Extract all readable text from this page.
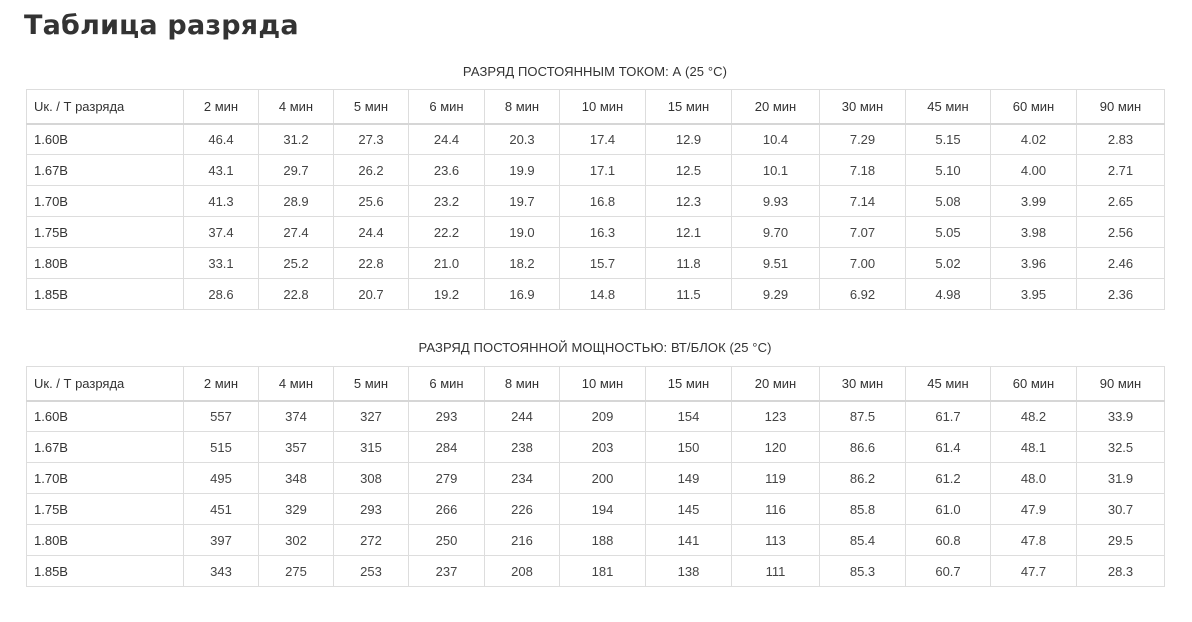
Таблица разряда
РАЗРЯД ПОСТОЯННЫМ ТОКОМ: А (25 °С)
Uк. / Т разряда	2 мин	4 мин	5 мин	6 мин	8 мин	10 мин	15 мин	20 мин	30 мин	45 мин	60 мин	90 мин
1.60В	46.4	31.2	27.3	24.4	20.3	17.4	12.9	10.4	7.29	5.15	4.02	2.83
1.67В	43.1	29.7	26.2	23.6	19.9	17.1	12.5	10.1	7.18	5.10	4.00	2.71
1.70В	41.3	28.9	25.6	23.2	19.7	16.8	12.3	9.93	7.14	5.08	3.99	2.65
1.75В	37.4	27.4	24.4	22.2	19.0	16.3	12.1	9.70	7.07	5.05	3.98	2.56
1.80В	33.1	25.2	22.8	21.0	18.2	15.7	11.8	9.51	7.00	5.02	3.96	2.46
1.85В	28.6	22.8	20.7	19.2	16.9	14.8	11.5	9.29	6.92	4.98	3.95	2.36
РАЗРЯД ПОСТОЯННОЙ МОЩНОСТЬЮ: ВТ/БЛОК (25 °С)
Uк. / Т разряда	2 мин	4 мин	5 мин	6 мин	8 мин	10 мин	15 мин	20 мин	30 мин	45 мин	60 мин	90 мин
1.60В	557	374	327	293	244	209	154	123	87.5	61.7	48.2	33.9
1.67В	515	357	315	284	238	203	150	120	86.6	61.4	48.1	32.5
1.70В	495	348	308	279	234	200	149	119	86.2	61.2	48.0	31.9
1.75В	451	329	293	266	226	194	145	116	85.8	61.0	47.9	30.7
1.80В	397	302	272	250	216	188	141	113	85.4	60.8	47.8	29.5
1.85В	343	275	253	237	208	181	138	111	85.3	60.7	47.7	28.3
